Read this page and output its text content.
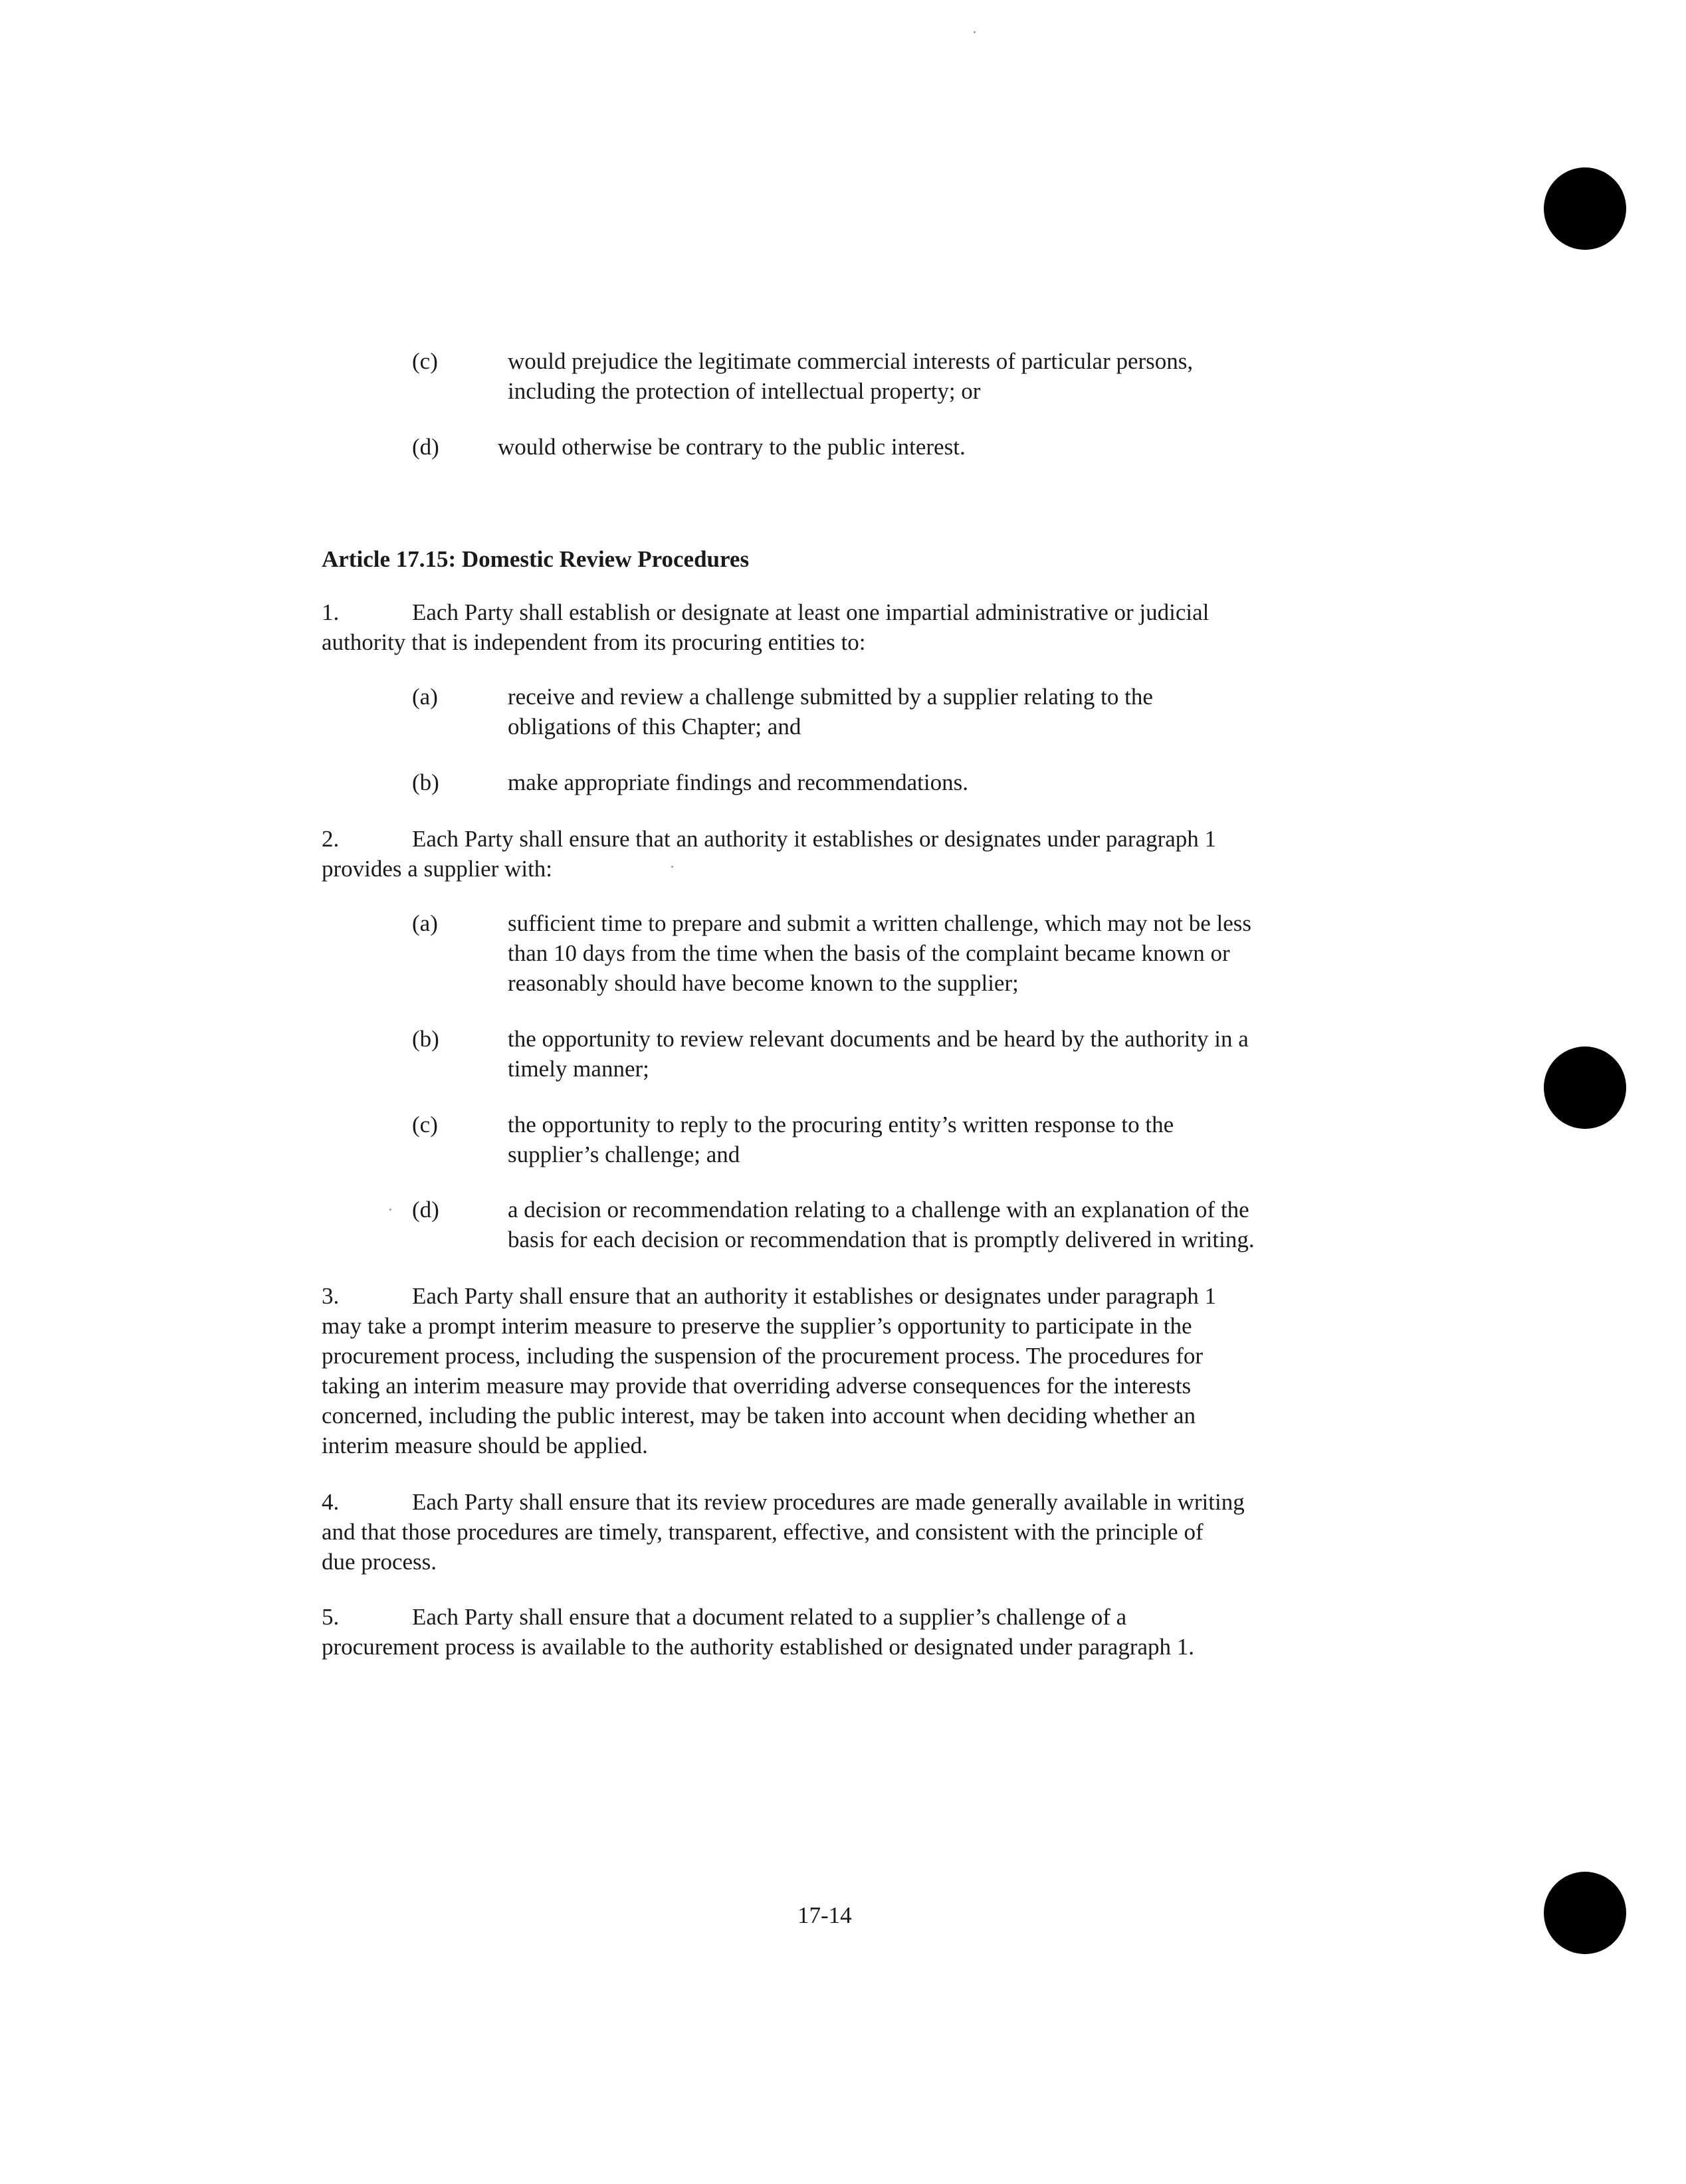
(c)	would prejudice the legitimate commercial interests of particular persons,

including the protection of intellectual property; or

(d)	would otherwise be contrary to the public interest.

Article 17.15: Domestic Review Procedures

1.	Each Party shall establish or designate at least one impartial administrative or judicial

authority that is independent from its procuring entities to:

(a)	receive and review a challenge submitted by a supplier relating to the

obligations of this Chapter; and

(b)	make appropriate findings and recommendations.

2.	Each Party shall ensure that an authority it establishes or designates under paragraph 1

provides a supplier with:

(a)	sufficient time to prepare and submit a written challenge, which may not be less

than 10 days from the time when the basis of the complaint became known or

reasonably should have become known to the supplier;

(b)	the opportunity to review relevant documents and be heard by the authority in a

timely manner;

(c)	the opportunity to reply to the procuring entity’s written response to the

supplier’s challenge; and

(d)	a decision or recommendation relating to a challenge with an explanation of the

basis for each decision or recommendation that is promptly delivered in writing.

3.	Each Party shall ensure that an authority it establishes or designates under paragraph 1

may take a prompt interim measure to preserve the supplier’s opportunity to participate in the

procurement process, including the suspension of the procurement process. The procedures for

taking an interim measure may provide that overriding adverse consequences for the interests

concerned, including the public interest, may be taken into account when deciding whether an

interim measure should be applied.

4.	Each Party shall ensure that its review procedures are made generally available in writing

and that those procedures are timely, transparent, effective, and consistent with the principle of

due process.

5.	Each Party shall ensure that a document related to a supplier’s challenge of a

procurement process is available to the authority established or designated under paragraph 1.

17-14
